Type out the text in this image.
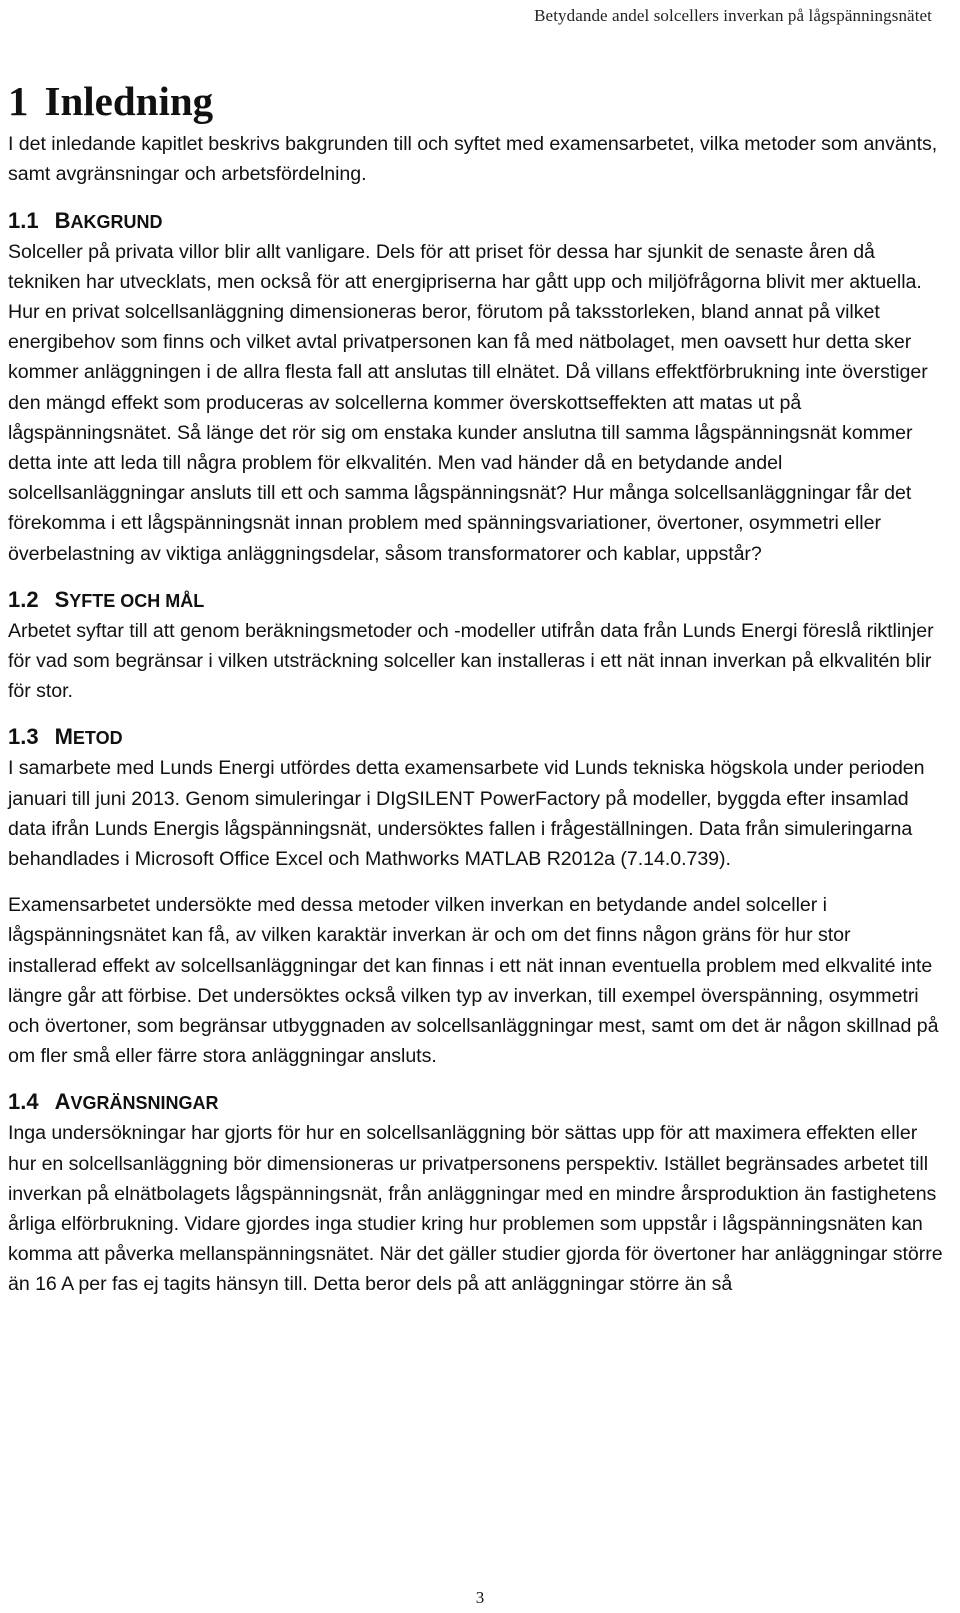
Betydande andel solcellers inverkan på lågspänningsnätet
1 Inledning

I det inledande kapitlet beskrivs bakgrunden till och syftet med examensarbetet, vilka metoder som använts, samt avgränsningar och arbetsfördelning.

1.1 BAKGRUND

Solceller på privata villor blir allt vanligare. Dels för att priset för dessa har sjunkit de senaste åren då tekniken har utvecklats, men också för att energipriserna har gått upp och miljöfrågorna blivit mer aktuella. Hur en privat solcellsanläggning dimensioneras beror, förutom på taksstorleken, bland annat på vilket energibehov som finns och vilket avtal privatpersonen kan få med nätbolaget, men oavsett hur detta sker kommer anläggningen i de allra flesta fall att anslutas till elnätet. Då villans effektförbrukning inte överstiger den mängd effekt som produceras av solcellerna kommer överskottseffekten att matas ut på lågspänningsnätet. Så länge det rör sig om enstaka kunder anslutna till samma lågspänningsnät kommer detta inte att leda till några problem för elkvalitén. Men vad händer då en betydande andel solcellsanläggningar ansluts till ett och samma lågspänningsnät? Hur många solcellsanläggningar får det förekomma i ett lågspänningsnät innan problem med spänningsvariationer, övertoner, osymmetri eller överbelastning av viktiga anläggningsdelar, såsom transformatorer och kablar, uppstår?

1.2 SYFTE OCH MÅL

Arbetet syftar till att genom beräkningsmetoder och -modeller utifrån data från Lunds Energi föreslå riktlinjer för vad som begränsar i vilken utsträckning solceller kan installeras i ett nät innan inverkan på elkvalitén blir för stor.

1.3 METOD

I samarbete med Lunds Energi utfördes detta examensarbete vid Lunds tekniska högskola under perioden januari till juni 2013. Genom simuleringar i DIgSILENT PowerFactory på modeller, byggda efter insamlad data ifrån Lunds Energis lågspänningsnät, undersöktes fallen i frågeställningen. Data från simuleringarna behandlades i Microsoft Office Excel och Mathworks MATLAB R2012a (7.14.0.739).

Examensarbetet undersökte med dessa metoder vilken inverkan en betydande andel solceller i lågspänningsnätet kan få, av vilken karaktär inverkan är och om det finns någon gräns för hur stor installerad effekt av solcellsanläggningar det kan finnas i ett nät innan eventuella problem med elkvalité inte längre går att förbise. Det undersöktes också vilken typ av inverkan, till exempel överspänning, osymmetri och övertoner, som begränsar utbyggnaden av solcellsanläggningar mest, samt om det är någon skillnad på om fler små eller färre stora anläggningar ansluts.

1.4 AVGRÄNSNINGAR

Inga undersökningar har gjorts för hur en solcellsanläggning bör sättas upp för att maximera effekten eller hur en solcellsanläggning bör dimensioneras ur privatpersonens perspektiv. Istället begränsades arbetet till inverkan på elnätbolagets lågspänningsnät, från anläggningar med en mindre årsproduktion än fastighetens årliga elförbrukning. Vidare gjordes inga studier kring hur problemen som uppstår i lågspänningsnäten kan komma att påverka mellanspänningsnätet. När det gäller studier gjorda för övertoner har anläggningar större än 16 A per fas ej tagits hänsyn till. Detta beror dels på att anläggningar större än så

3
